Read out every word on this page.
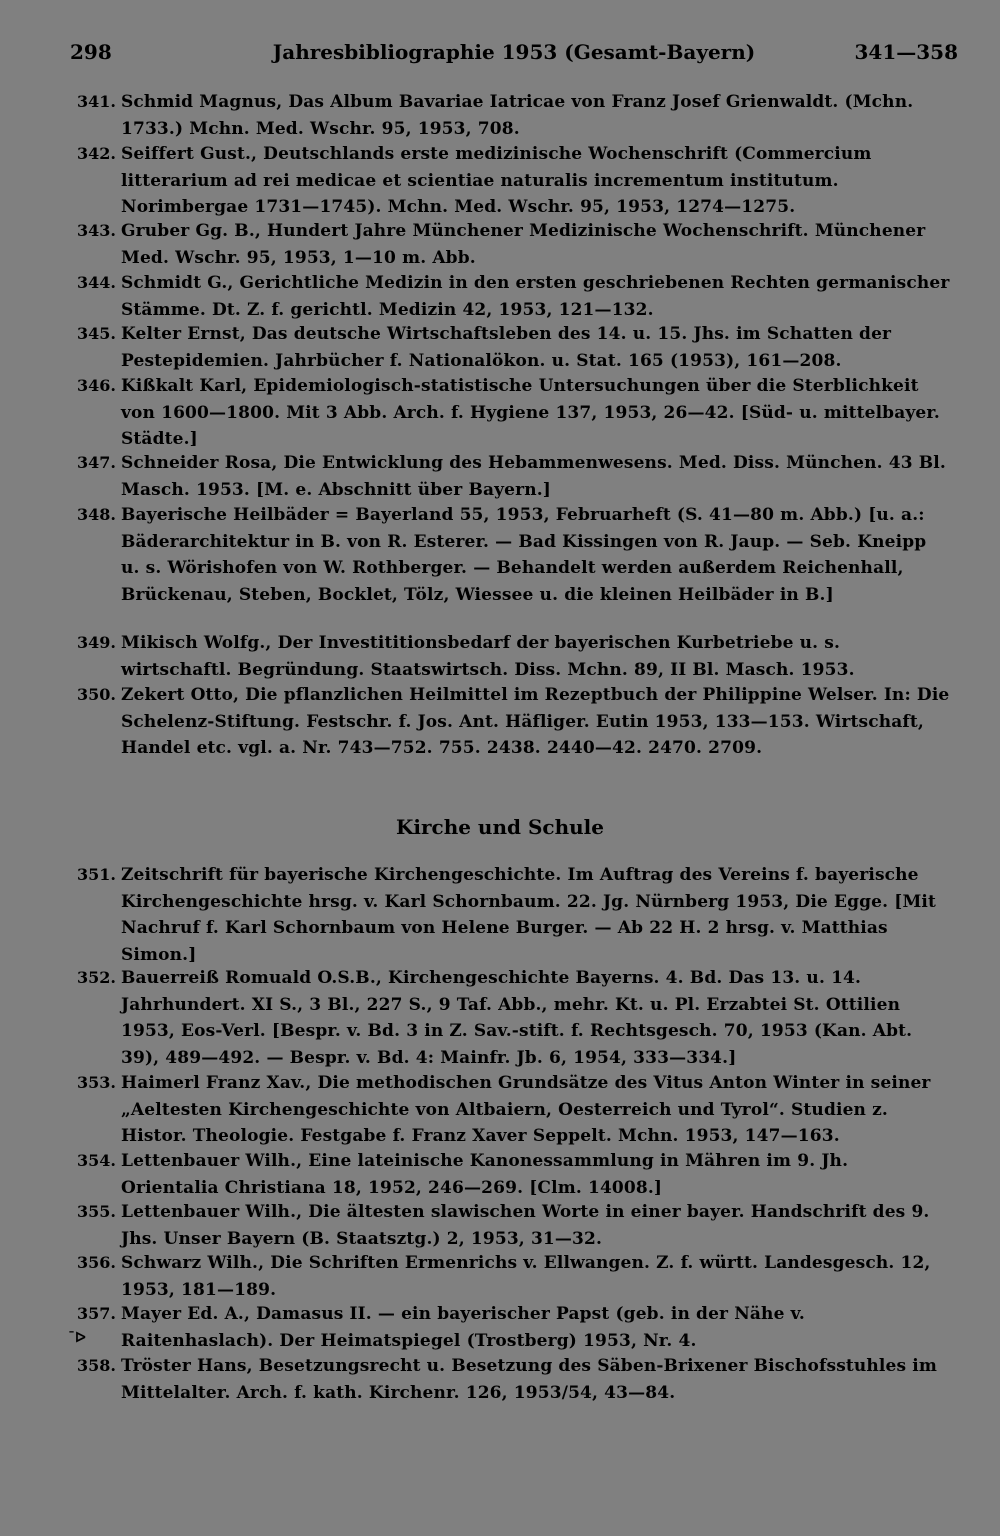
298	Jahresbibliographie 1953 (Gesamt-Bayern)	341—358
341. Schmid Magnus, Das Album Bavariae Iatricae von Franz Josef Grienwaldt. (Mchn. 1733.) Mchn. Med. Wschr. 95, 1953, 708.
342. Seiffert Gust., Deutschlands erste medizinische Wochenschrift (Commercium litterarium ad rei medicae et scientiae naturalis incrementum institutum. Norimbergae 1731—1745). Mchn. Med. Wschr. 95, 1953, 1274—1275.
343. Gruber Gg. B., Hundert Jahre Münchener Medizinische Wochenschrift. Münchener Med. Wschr. 95, 1953, 1—10 m. Abb.
344. Schmidt G., Gerichtliche Medizin in den ersten geschriebenen Rechten germanischer Stämme. Dt. Z. f. gerichtl. Medizin 42, 1953, 121—132.
345. Kelter Ernst, Das deutsche Wirtschaftsleben des 14. u. 15. Jhs. im Schatten der Pestepidemien. Jahrbücher f. Nationalökon. u. Stat. 165 (1953), 161—208.
346. Kißkalt Karl, Epidemiologisch-statistische Untersuchungen über die Sterblichkeit von 1600—1800. Mit 3 Abb. Arch. f. Hygiene 137, 1953, 26—42. [Süd- u. mittelbayer. Städte.]
347. Schneider Rosa, Die Entwicklung des Hebammenwesens. Med. Diss. München. 43 Bl. Masch. 1953. [M. e. Abschnitt über Bayern.]
348. Bayerische Heilbäder = Bayerland 55, 1953, Februarheft (S. 41—80 m. Abb.) [u. a.: Bäderarchitektur in B. von R. Esterer. — Bad Kissingen von R. Jaup. — Seb. Kneipp u. s. Wörishofen von W. Rothberger. — Behandelt werden außerdem Reichenhall, Brückenau, Steben, Bocklet, Tölz, Wiessee u. die kleinen Heilbäder in B.]
349. Mikisch Wolfg., Der Investititionsbedarf der bayerischen Kurbetriebe u. s. wirtschaftl. Begründung. Staatswirtsch. Diss. Mchn. 89, II Bl. Masch. 1953.
350. Zekert Otto, Die pflanzlichen Heilmittel im Rezeptbuch der Philippine Welser. In: Die Schelenz-Stiftung. Festschr. f. Jos. Ant. Häfliger. Eutin 1953, 133—153. Wirtschaft, Handel etc. vgl. a. Nr. 743—752. 755. 2438. 2440—42. 2470. 2709.
Kirche und Schule
351. Zeitschrift für bayerische Kirchengeschichte. Im Auftrag des Vereins f. bayerische Kirchengeschichte hrsg. v. Karl Schornbaum. 22. Jg. Nürnberg 1953, Die Egge. [Mit Nachruf f. Karl Schornbaum von Helene Burger. — Ab 22 H. 2 hrsg. v. Matthias Simon.]
352. Bauerreiß Romuald O.S.B., Kirchengeschichte Bayerns. 4. Bd. Das 13. u. 14. Jahrhundert. XI S., 3 Bl., 227 S., 9 Taf. Abb., mehr. Kt. u. Pl. Erzabtei St. Ottilien 1953, Eos-Verl. [Bespr. v. Bd. 3 in Z. Sav.-stift. f. Rechtsgesch. 70, 1953 (Kan. Abt. 39), 489—492. — Bespr. v. Bd. 4: Mainfr. Jb. 6, 1954, 333—334.]
353. Haimerl Franz Xav., Die methodischen Grundsätze des Vitus Anton Winter in seiner „Aeltesten Kirchengeschichte von Altbaiern, Oesterreich und Tyrol“. Studien z. Histor. Theologie. Festgabe f. Franz Xaver Seppelt. Mchn. 1953, 147—163.
354. Lettenbauer Wilh., Eine lateinische Kanonessammlung in Mähren im 9. Jh. Orientalia Christiana 18, 1952, 246—269. [Clm. 14008.]
355. Lettenbauer Wilh., Die ältesten slawischen Worte in einer bayer. Handschrift des 9. Jhs. Unser Bayern (B. Staatsztg.) 2, 1953, 31—32.
356. Schwarz Wilh., Die Schriften Ermenrichs v. Ellwangen. Z. f. württ. Landesgesch. 12, 1953, 181—189.
357. Mayer Ed. A., Damasus II. — ein bayerischer Papst (geb. in der Nähe v. Raitenhaslach). Der Heimatspiegel (Trostberg) 1953, Nr. 4.
358. Tröster Hans, Besetzungsrecht u. Besetzung des Säben-Brixener Bischofsstuhles im Mittelalter. Arch. f. kath. Kirchenr. 126, 1953/54, 43—84.
ˉᐅ
